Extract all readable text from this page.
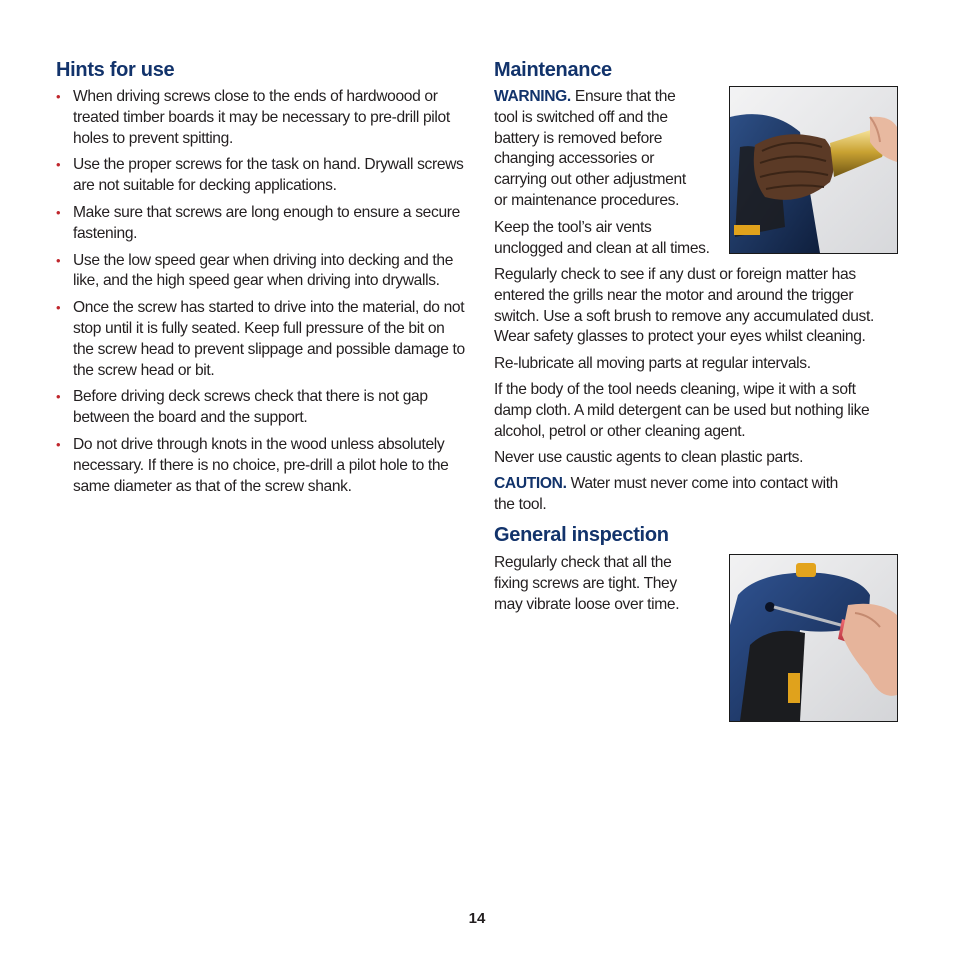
Hints for use
• When driving screws close to the ends of hardwoood or treated timber boards it may be necessary to pre-drill pilot holes to prevent spitting.
• Use the proper screws for the task on hand. Drywall screws are not suitable for decking applications.
• Make sure that screws are long enough to ensure a secure fastening.
• Use the low speed gear when driving into decking and the like, and the high speed gear when driving into drywalls.
• Once the screw has started to drive into the material, do not stop until it is fully seated. Keep full pressure of the bit on the screw head to prevent slippage and possible damage to the screw head or bit.
• Before driving deck screws check that there is not gap between the board and the support.
• Do not drive through knots in the wood unless absolutely necessary. If there is no choice, pre-drill a pilot hole to the same diameter as that of the screw shank.
Maintenance

WARNING. Ensure that the
tool is switched off and the
battery is removed before
changing accessories or
carrying out other adjustment
or maintenance procedures.

Keep the tool’s air vents
unclogged and clean at all times.

Regularly check to see if any dust or foreign matter has
entered the grills near the motor and around the trigger
switch. Use a soft brush to remove any accumulated dust.
Wear safety glasses to protect your eyes whilst cleaning.

Re-lubricate all moving parts at regular intervals.

If the body of the tool needs cleaning, wipe it with a soft
damp cloth. A mild detergent can be used but nothing like
alcohol, petrol or other cleaning agent.

Never use caustic agents to clean plastic parts.

CAUTION. Water must never come into contact with
the tool.

General inspection

Regularly check that all the
fixing screws are tight. They
may vibrate loose over time.

14
